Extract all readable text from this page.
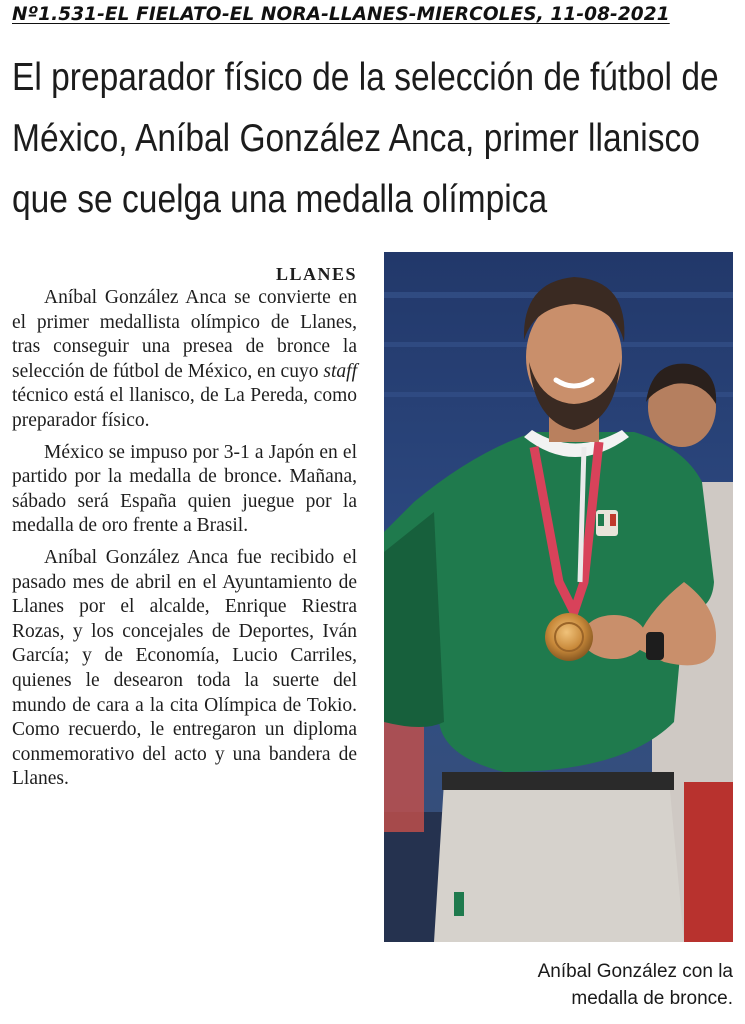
Nº1.531-EL FIELATO-EL NORA-LLANES-MIERCOLES, 11-08-2021
El preparador físico de la selección de fútbol de México, Aníbal González Anca, primer llanisco que se cuelga una medalla olímpica

LLANES

Aníbal González Anca se convierte en el primer medallista olímpico de Llanes, tras conseguir una presea de bronce la selección de fútbol de México, en cuyo staff técnico está el llanisco, de La Pereda, como preparador físico.

México se impuso por 3-1 a Japón en el partido por la medalla de bronce. Mañana, sábado será España quien juegue por la medalla de oro frente a Brasil.

Aníbal González Anca fue recibido el pasado mes de abril en el Ayuntamiento de Llanes por el alcalde, Enrique Riestra Rozas, y los concejales de Deportes, Iván García; y de Economía, Lucio Carriles, quienes le desearon toda la suerte del mundo de cara a la cita Olímpica de Tokio. Como recuerdo, le entregaron un diploma conmemorativo del acto y una bandera de Llanes.

Aníbal González con la
medalla de bronce.
